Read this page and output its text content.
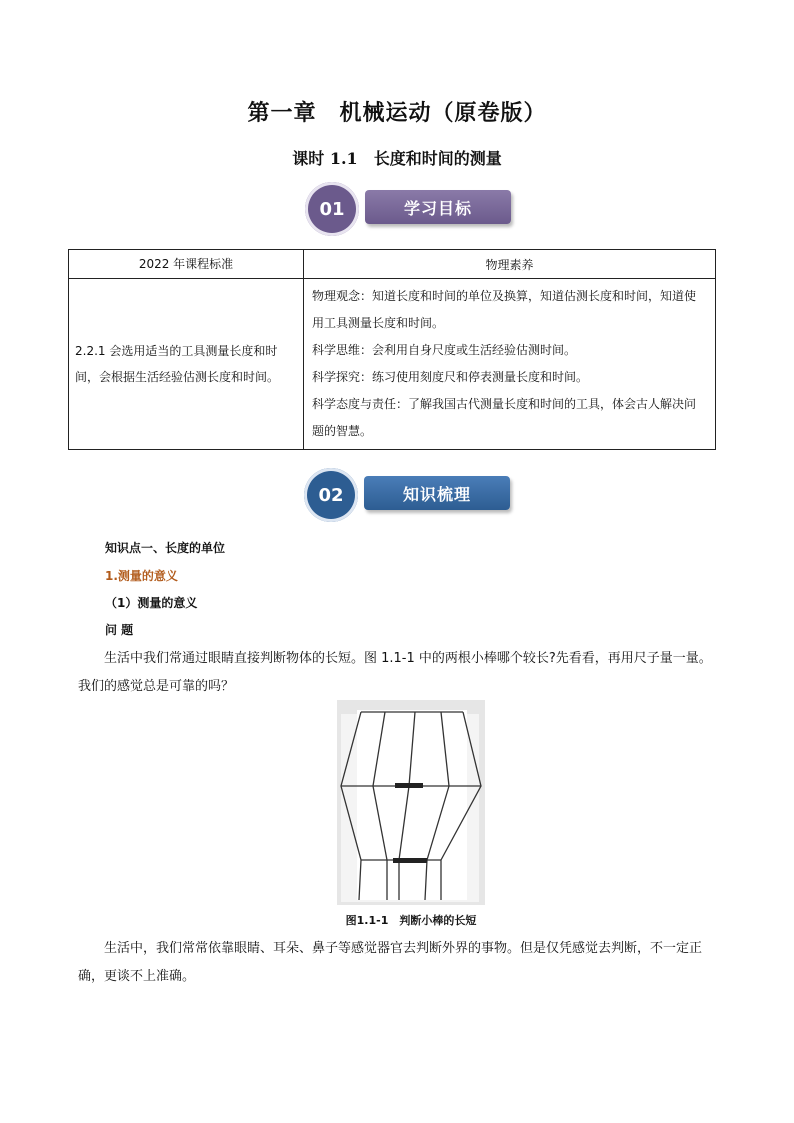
第一章　机械运动（原卷版）
课时 1.1　长度和时间的测量
01	学习目标
2022 年课程标准	物理素养
2.2.1 会选用适当的工具测量长度和时间，会根据生活经验估测长度和时间。	物理观念：知道长度和时间的单位及换算，知道估测长度和时间，知道使用工具测量长度和时间。
科学思维：会利用自身尺度或生活经验估测时间。
科学探究：练习使用刻度尺和停表测量长度和时间。
科学态度与责任：了解我国古代测量长度和时间的工具，体会古人解决问题的智慧。
02	知识梳理
知识点一、长度的单位
1.测量的意义
（1）测量的意义
问 题
生活中我们常通过眼睛直接判断物体的长短。图 1.1-1 中的两根小棒哪个较长?先看看，再用尺子量一量。我们的感觉总是可靠的吗？
图1.1-1　判断小棒的长短
生活中，我们常常依靠眼睛、耳朵、鼻子等感觉器官去判断外界的事物。但是仅凭感觉去判断，不一定正确，更谈不上准确。
